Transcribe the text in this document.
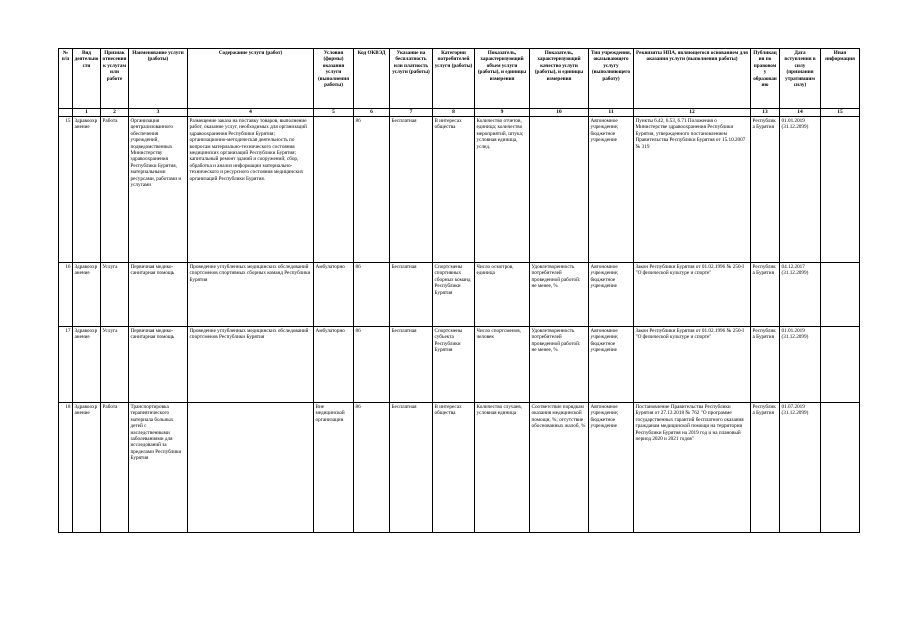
№ п/п	Вид деятельности	Признак отнесения к услугам или работе	Наименование услуги (работы)	Содержание услуги (работ)	Условия (формы) оказания услуги (выполнения работы)	Код ОКВЭД	Указание на бесплатность или платность услуги (работы)	Категории потребителей услуги (работы)	Показатель, характеризующий объем услуги (работы), и единицы измерения	Показатель, характеризующий качество услуги (работы), и единицы измерения	Тип учреждения, оказывающего услугу (выполняющего работу)	Реквизиты НПА, являющегося основанием для оказания услуги (выполнения работы)	Публикация по правовому образованию	Дата вступления в силу (признания утратившим силу)	Иная информация
	1	2	3	4	5	6	7	8	9	10	11	12	13	14	15
15	Здравоохранение	Работа	Организация централизованного обеспечения учреждений, подведомственных Министерству здравоохранения Республики Бурятия, материальными ресурсами, работами и услугами	Размещение заказа на поставку товаров, выполнение работ, оказание услуг, необходимых для организаций здравоохранения Республики Бурятия; организационно-методическая деятельность по вопросам материально-технического состояния медицинских организаций Республики Бурятия; капитальный ремонт зданий и сооружений; сбор, обработка и анализ информации материально-технического и ресурсного состояния медицинских организаций Республики Бурятия.		86	Бесплатная	В интересах общества	Количество отчетов, единица; количество мероприятий, штука; условная единица, услед.		Автономное учреждение; бюджетное учреждение	Пункты 6.42, 6.53, 6.71 Положения о Министерстве здравоохранения Республики Бурятия, утвержденного постановлением Правительства Республики Бурятия от 15.10.2007 № 319	Республика Бурятия	01.01.2019 (31.12.2099)	
16	Здравоохранение	Услуга	Первичная медико-санитарная помощь	Проведение углубленных медицинских обследований спортсменов спортивных сборных команд Республики Бурятия	Амбулаторно	86	Бесплатная	Спортсмены спортивных сборных команд Республики Бурятия	Число осмотров, единица	Удовлетворенность потребителей проведенной работой: не менее, %	Автономное учреждение; бюджетное учреждение	Закон Республики Бурятия от 01.02.1996 № 250-I "О физической культуре и спорте"	Республика Бурятия	04.12.2017 (31.12.2099)	
17	Здравоохранение	Услуга	Первичная медико-санитарная помощь	Проведение углубленных медицинских обследований спортсменов Республики Бурятия	Амбулаторно	86	Бесплатная	Спортсмены субъекта Республики Бурятия	Число спортсменов, человек	Удовлетворенность потребителей проведенной работой: не менее, %	Автономное учреждение; бюджетное учреждение	Закон Республики Бурятия от 01.02.1996 № 250-I "О физической культуре и спорте"	Республика Бурятия	01.01.2019 (31.12.2099)	
18	Здравоохранение	Работа	Транспортировка терапевтического материала больных детей с наследственными заболеваниями для исследований за пределами Республики Бурятия		Вне медицинской организации	86	Бесплатная	В интересах общества	Количество случаев, условная единица	Соответствие порядкам оказания медицинской помощи, %; отсутствие обоснованных жалоб, %	Автономное учреждение; бюджетное учреждение	Постановление Правительства Республики Бурятия от 27.12.2018 № 762 "О программе государственных гарантий бесплатного оказания гражданам медицинской помощи на территории Республики Бурятия на 2019 год и на плановый период 2020 и 2021 годов"	Республика Бурятия	01.07.2019 (31.12.2099)	
